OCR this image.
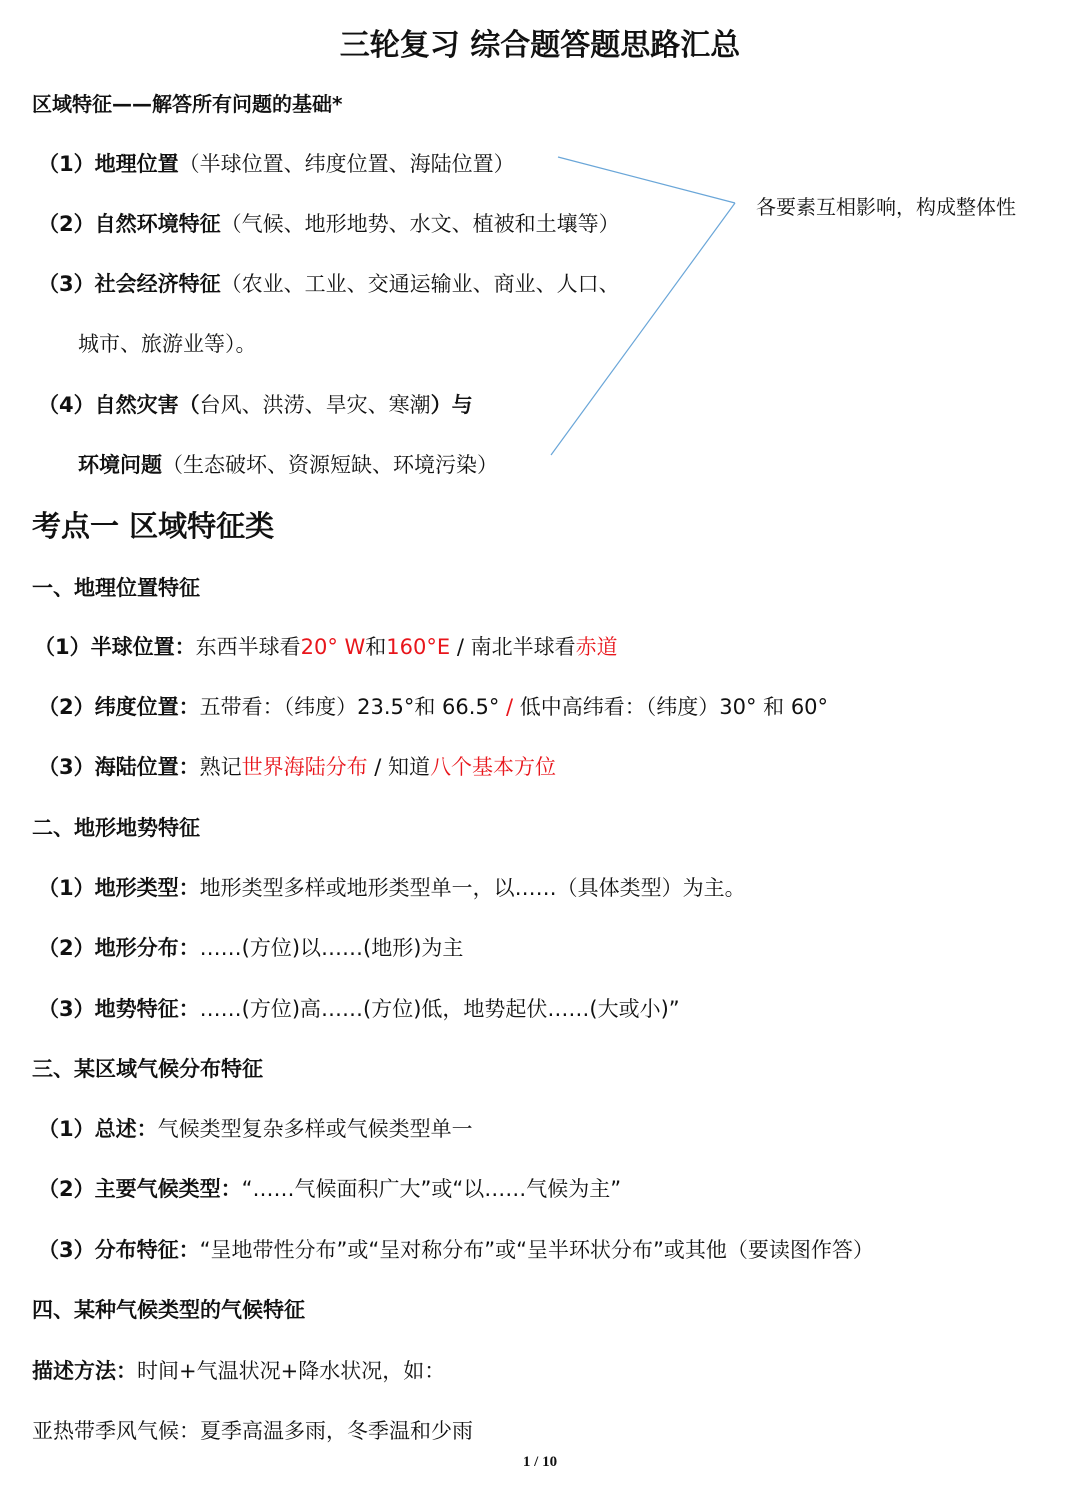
三轮复习 综合题答题思路汇总
区域特征——解答所有问题的基础*
（1）地理位置（半球位置、纬度位置、海陆位置）
（2）自然环境特征（气候、地形地势、水文、植被和土壤等）
（3）社会经济特征（农业、工业、交通运输业、商业、人口、
城市、旅游业等）。
（4）自然灾害（台风、洪涝、旱灾、寒潮）与
环境问题（生态破坏、资源短缺、环境污染）
各要素互相影响，构成整体性
考点一 区域特征类
一、地理位置特征
（1）半球位置：东西半球看20° W和160°E / 南北半球看赤道
（2）纬度位置：五带看：（纬度）23.5°和 66.5° / 低中高纬看：（纬度）30° 和 60°
（3）海陆位置：熟记世界海陆分布 / 知道八个基本方位
二、地形地势特征
（1）地形类型：地形类型多样或地形类型单一，以……（具体类型）为主。
（2）地形分布：……(方位)以……(地形)为主
（3）地势特征：……(方位)高……(方位)低，地势起伏……(大或小)”
三、某区域气候分布特征
（1）总述：气候类型复杂多样或气候类型单一
（2）主要气候类型：“……气候面积广大”或“以……气候为主”
（3）分布特征：“呈地带性分布”或“呈对称分布”或“呈半环状分布”或其他（要读图作答）
四、某种气候类型的气候特征
描述方法：时间+气温状况+降水状况，如：
亚热带季风气候：夏季高温多雨，冬季温和少雨
1 / 10
